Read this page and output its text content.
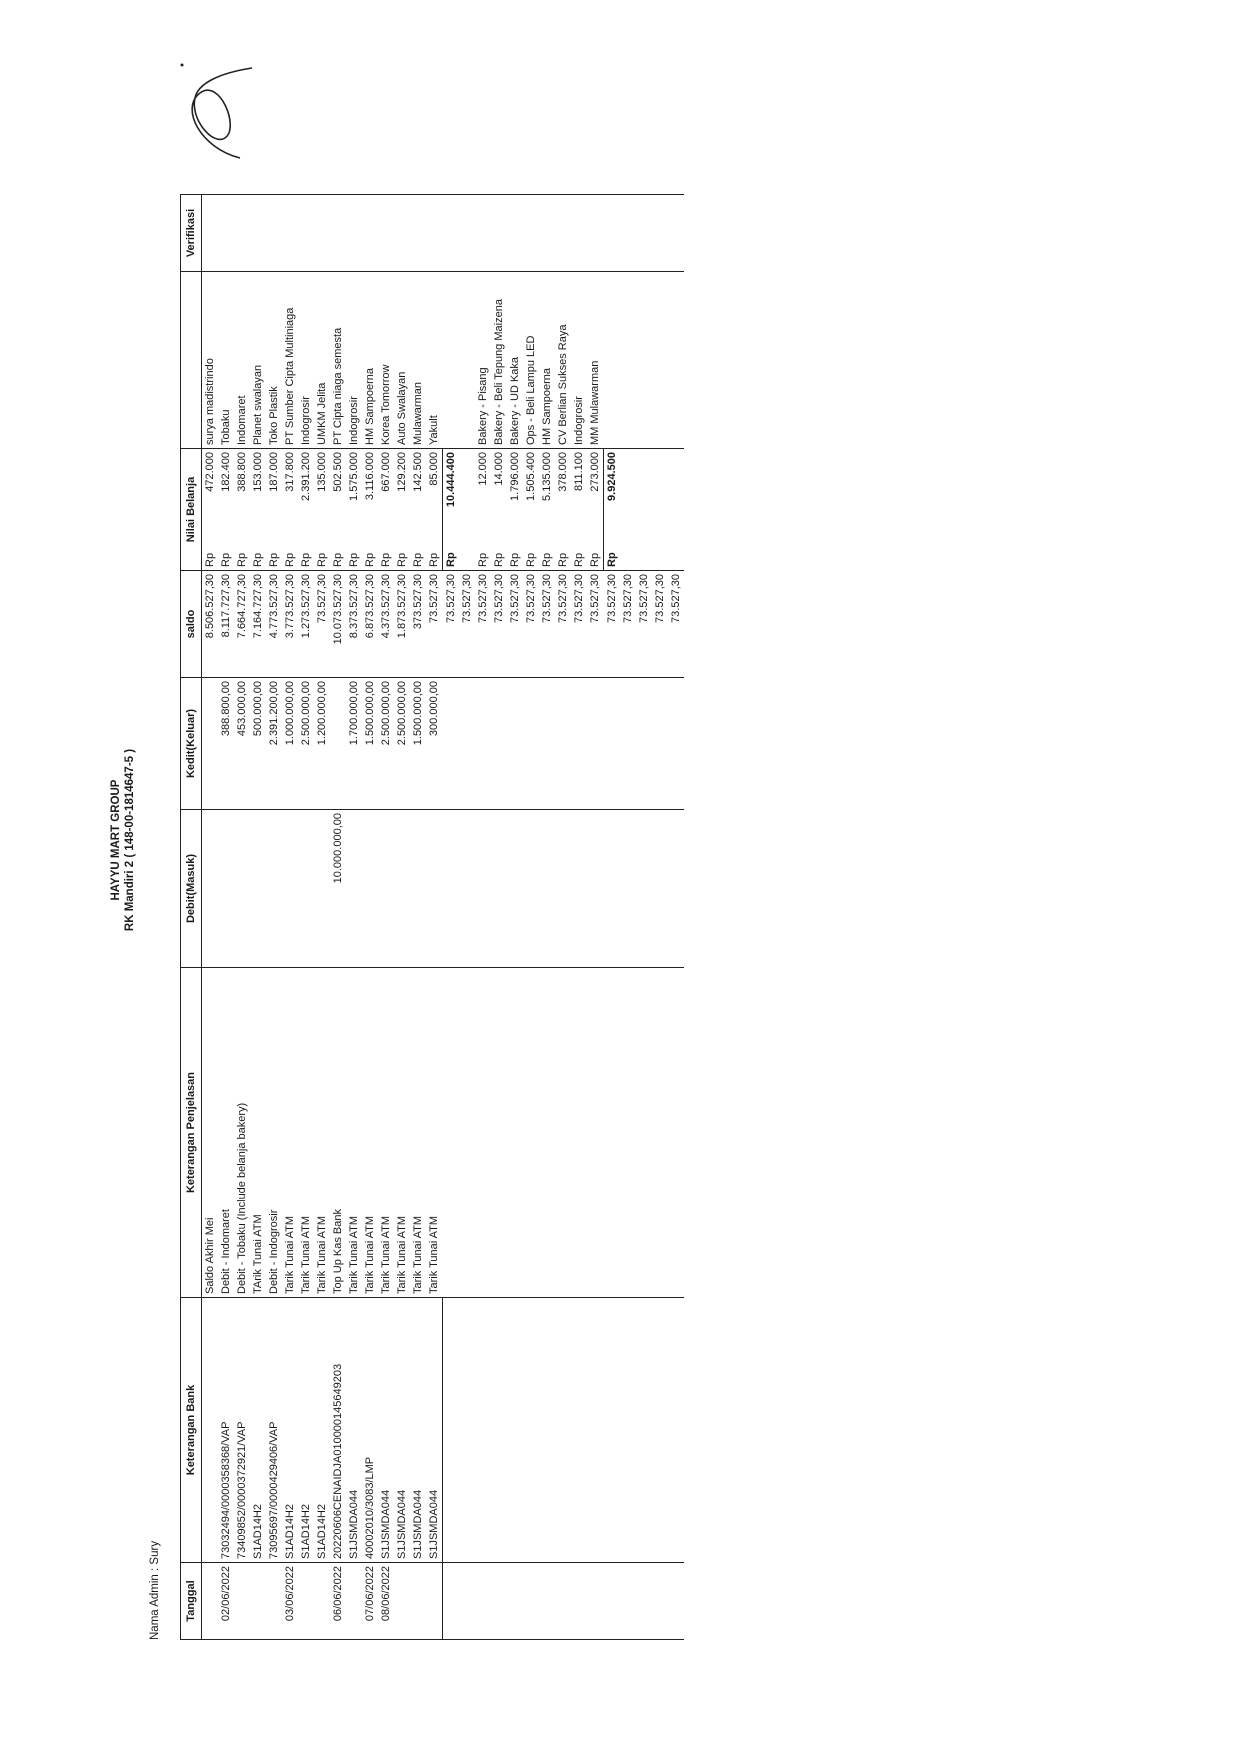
HAYYU MART GROUP RK Mandiri 2 ( 148-00-1814647-5 )
Nama Admin : Sury Tanggal	Keterangan Bank	Keterangan Penjelasan	Debit(Masuk)	Kedit(Keluar)	saldo	Nilai Belanja			Verifikasi
		Saldo Akhir Mei			8.506.527,30	Rp	472.000	surya madistrindo	
02/06/2022	73032494/0000358368/VAP	Debit - Indomaret		388.800,00	8.117.727,30	Rp	182.400	Tobaku	
	73409852/0000372921/VAP	Debit - Tobaku (Include belanja bakery)		453.000,00	7.664.727,30	Rp	388.800	Indomaret	
	S1AD14H2	TArik Tunai ATM		500.000,00	7.164.727,30	Rp	153.000	Planet swalayan	
	73095697/0000429406/VAP	Debit - Indogrosir		2.391.200,00	4.773.527,30	Rp	187.000	Toko Plastik	
03/06/2022	S1AD14H2	Tarik Tunai ATM		1.000.000,00	3.773.527,30	Rp	317.800	PT Sumber Cipta Multiniaga	
	S1AD14H2	Tarik Tunai ATM		2.500.000,00	1.273.527,30	Rp	2.391.200	Indogrosir	
	S1AD14H2	Tarik Tunai ATM		1.200.000,00	73.527,30	Rp	135.000	UMKM Jelita	
06/06/2022	20220606CENAIDJA010000145649203	Top Up Kas Bank	10.000.000,00		10.073.527,30	Rp	502.500	PT Cipta niaga semesta	
	S1JSMDA044	Tarik Tunai ATM		1.700.000,00	8.373.527,30	Rp	1.575.000	Indogrosir	
07/06/2022	40002010/3083/LMP	Tarik Tunai ATM		1.500.000,00	6.873.527,30	Rp	3.116.000	HM Sampoerna	
08/06/2022	S1JSMDA044	Tarik Tunai ATM		2.500.000,00	4.373.527,30	Rp	667.000	Korea Tomorrow	
	S1JSMDA044	Tarik Tunai ATM		2.500.000,00	1.873.527,30	Rp	129.200	Auto Swalayan	
	S1JSMDA044	Tarik Tunai ATM		1.500.000,00	373.527,30	Rp	142.500	Mulawarman	
	S1JSMDA044	Tarik Tunai ATM		300.000,00	73.527,30	Rp	85.000	Yakult	
					73.527,30	Rp	10.444.400		
					73.527,30				
					73.527,30	Rp	12.000	Bakery - Pisang	
					73.527,30	Rp	14.000	Bakery - Beli Tepung Maizena	
					73.527,30	Rp	1.796.000	Bakery - UD Kaka	
					73.527,30	Rp	1.505.400	Ops - Beli Lampu LED	
					73.527,30	Rp	5.135.000	HM Sampoerna	
					73.527,30	Rp	378.000	CV Berlian Sukses Raya	
					73.527,30	Rp	811.100	Indogrosir	
					73.527,30	Rp	273.000	MM Mulawarman	
					73.527,30	Rp	9.924.500		
					73.527,30				
					73.527,30				
					73.527,30				
					73.527,30				
